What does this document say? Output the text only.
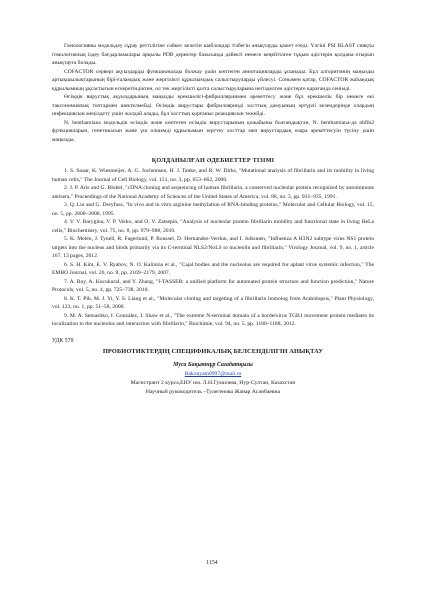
Гомологияны модельдеу сұрау реттілігіне сәйкес келетін шаблондар тізбегін анықтауды қажет етеді. Үлгіні PSI BLAST сияқты гомологиялық іздеу бағдарламалары арқылы PDB деректер базасында дәйекті немесе кеңейтілген тұқым әдістерін қолдана отырып анықтауға болады.

COFACTOR сервері ақуыздарды функционалды болжау үшін көптеген аннотацияларды ұсынады. Бұл алгоритмнің маңызды артықшылықтарының бірі-ғаламдық және жергілікті құрылымдық салыстыруларды үйлесуі. Сонымен қатар, COFACTOR жаһандық құрылымның ұқсастығын ескеретіндіктен, ол тек жергілікті қалта салыстыруларына негізделген әдістерге қарағанда сенімді.

Өсімдік вирустық ақуыздарының маңызды ерекшелігі-фибрилляринмен әрекеттесу және бұл ерекшелік бір немесе екі таксономиялық топтармен шектелмейді. Өсімдік вирустары фибрилляринді хосттың дамуының әртүрлі кезеңдерінде олардың инфекциясын жеңілдету үшін жалдай алады, бұл хосттың қорғаныс реакциясын тежейді.

N. benthamiana модельдік өсімдік және көптеген өсімдік вирустарының қожайыны болғандықтан, N. benthamiana-да nbfib2 функцияларын, генетикасын және үш өлшемді құрылымын зерттеу хосттар мен вирустардың өзара әрекеттесуін түсіну үшін маңызды.

ҚОЛДАНЫЛҒАН ӘДЕБИЕТТЕР ТІЗІМІ
1. S. Snaar, K. Wiesmeijer, A. G. Jochemsen, H. J. Tanke, and R. W. Dirks, "Mutational analysis of fibrillarin and its mobility in living human cells," The Journal of Cell Biology, vol. 151, no. 3, pp. 653–662, 2000.
2. J. P. Aris and G. Blobel, "cDNA cloning and sequencing of human fibrillarin, a conserved nucleolar protein recognized by autoimmune antisera," Proceedings of the National Academy of Sciences of the United States of America, vol. 88, no. 3, pp. 931–935, 1991.
3. Q. Liu and G. Dreyfuss, "In vivo and in vitro arginine methylation of RNA-binding proteins," Molecular and Cellular Biology, vol. 15, no. 5, pp. 2800–2808, 1995.
4. V. V. Barygina, V. P. Veiko, and O. V. Zatsepin, "Analysis of nucleolar protein fibrillarin mobility and functional state in living HeLa cells," Biochemistry, vol. 75, no. 8, pp. 979–988, 2010.
5. K. Melén, J. Tynell, R. Fagerlund, P. Roussel, D. Hernandez-Verdun, and I. Julkunen, "Influenza A H3N2 subtype virus NS1 protein targets into the nucleus and binds primarily via its C-terminal NLS2/NoLS to nucleolin and fibrillarin," Virology Journal, vol. 9, no. 1, article 167, 13 pages, 2012.
6. S. H. Kim, E. V. Ryabov, N. O. Kalinina et al., "Cajal bodies and the nucleolus are required for aplant virus systemic infection," The EMBO Journal, vol. 26, no. 8, pp. 2169–2179, 2007.
7. A. Roy, A. Kucukural, and Y. Zhang, "I-TASSER: a unified platform for automated protein structure and function prediction," Nature Protocols, vol. 5, no. 4, pp. 725–738, 2010.
8. K. T. Pih, M. J. Yi, Y. S. Liang et al., "Molecular cloning and targeting of a fibrillarin homolog from Arabidopsis," Plant Physiology, vol. 123, no. 1, pp. 51–58, 2000.
9. M. A. Semashko, I. González, J. Shaw et al., "The extreme N-terminal domain of a hordeivirus TGB1 movement protein mediates its localization to the nucleolus and interaction with fibrillarin," Biochimie, vol. 94, no. 5, pp. 1180–1188, 2012.
УДК 579
ПРОБИОТИКТЕРДІҢ СПЕЦИФИКАЛЫҚ БЕЛСЕНДІЛІГІН АНЫҚТАУ
Муса Бақытнұр Сағадатқызы
Bakonyam0997@mail.ru
Магистрант 2 курса,ЕНУ им. Л.Н.Гумилева, Нур-Султан, Казахстан
Научный руководитель –Тулегенова Жанар Асанбаевна
1154
